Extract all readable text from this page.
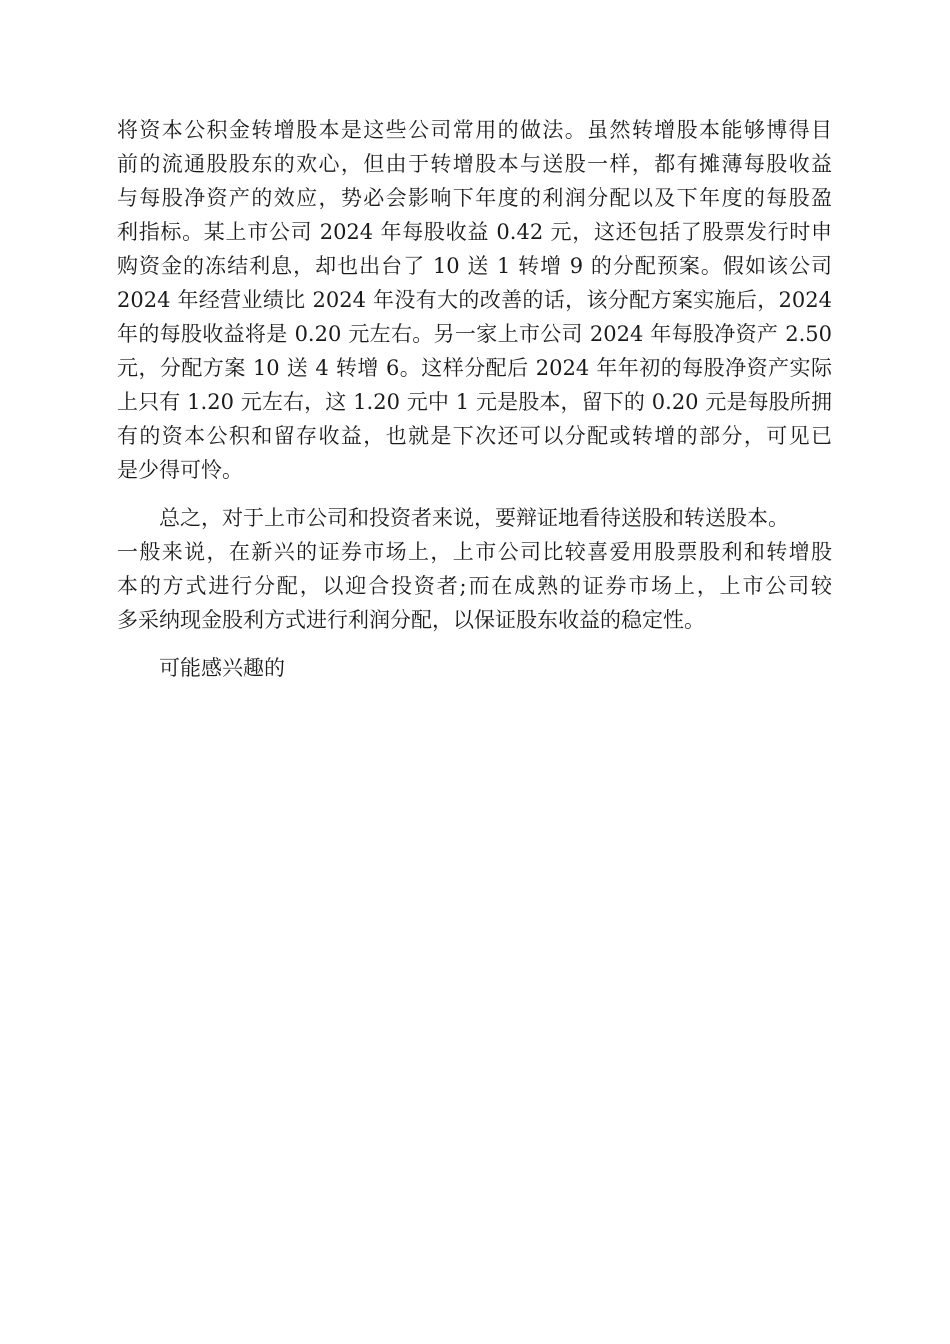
将资本公积金转增股本是这些公司常用的做法。虽然转增股本能够博得目
前的流通股股东的欢心，但由于转增股本与送股一样，都有摊薄每股收益
与每股净资产的效应，势必会影响下年度的利润分配以及下年度的每股盈
利指标。某上市公司 2024 年每股收益 0.42 元，这还包括了股票发行时申
购资金的冻结利息，却也出台了 10 送 1 转增 9 的分配预案。假如该公司
2024 年经营业绩比 2024 年没有大的改善的话，该分配方案实施后，2024
年的每股收益将是 0.20 元左右。另一家上市公司 2024 年每股净资产 2.50
元，分配方案 10 送 4 转增 6。这样分配后 2024 年年初的每股净资产实际
上只有 1.20 元左右，这 1.20 元中 1 元是股本，留下的 0.20 元是每股所拥
有的资本公积和留存收益，也就是下次还可以分配或转增的部分，可见已
是少得可怜。
总之，对于上市公司和投资者来说，要辩证地看待送股和转送股本。
一般来说，在新兴的证券市场上，上市公司比较喜爱用股票股利和转增股
本的方式进行分配，以迎合投资者;而在成熟的证券市场上，上市公司较
多采纳现金股利方式进行利润分配，以保证股东收益的稳定性。
可能感兴趣的
